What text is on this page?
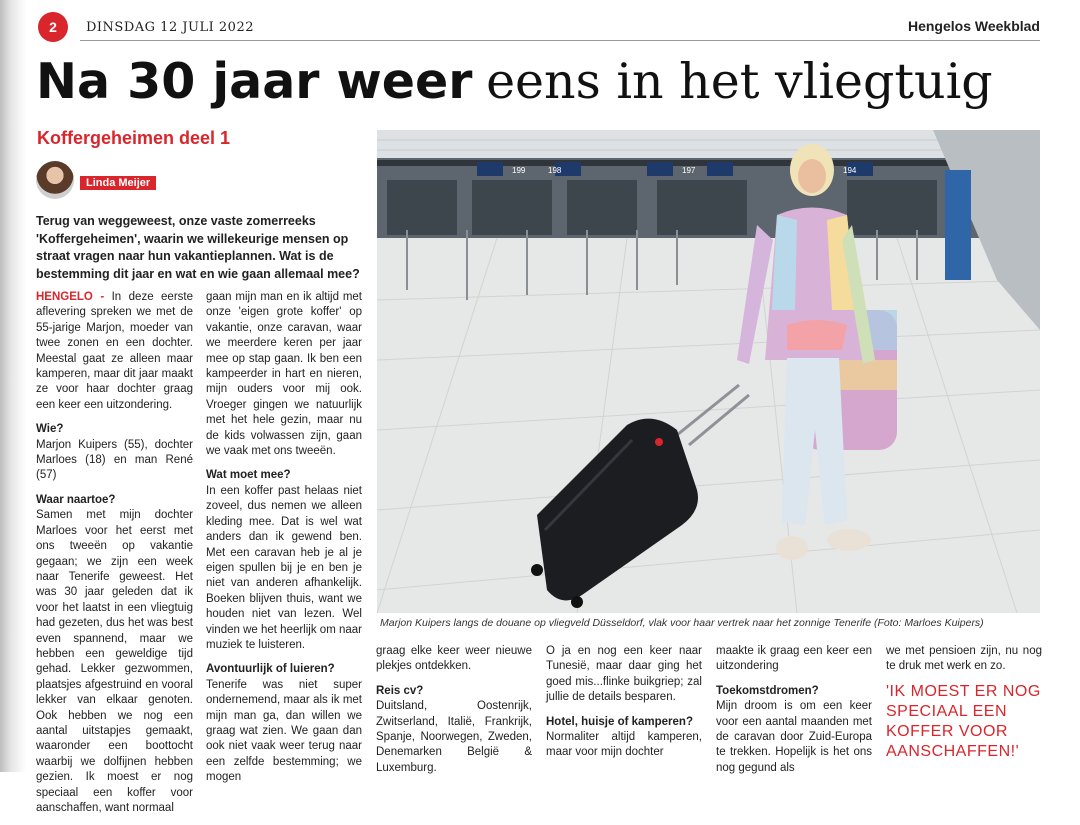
2	DINSDAG 12 JULI 2022	Hengelos Weekblad
Na 30 jaar weer eens in het vliegtuig
Koffergeheimen deel 1
Linda Meijer
Terug van weggeweest, onze vaste zomerreeks 'Koffergeheimen', waarin we willekeurige mensen op straat vragen naar hun vakantieplannen. Wat is de bestemming dit jaar en wat en wie gaan allemaal mee?

HENGELO - In deze eerste aflevering spreken we met de 55-jarige Marjon, moeder van twee zonen en een dochter. Meestal gaat ze alleen maar kamperen, maar dit jaar maakt ze voor haar dochter graag een keer een uitzondering.

Wie?

Marjon Kuipers (55), dochter Marloes (18) en man René (57)

Waar naartoe?

Samen met mijn dochter Marloes voor het eerst met ons tweeën op vakantie gegaan; we zijn een week naar Tenerife geweest. Het was 30 jaar geleden dat ik voor het laatst in een vliegtuig had gezeten, dus het was best even spannend, maar we hebben een geweldige tijd gehad. Lekker gezwommen, plaatsjes afgestruind en vooral lekker van elkaar genoten. Ook hebben we nog een aantal uitstapjes gemaakt, waaronder een boottocht waarbij we dolfijnen hebben gezien. Ik moest er nog speciaal een koffer voor aanschaffen, want normaal

gaan mijn man en ik altijd met onze 'eigen grote koffer' op vakantie, onze caravan, waar we meerdere keren per jaar mee op stap gaan. Ik ben een kampeerder in hart en nieren, mijn ouders voor mij ook. Vroeger gingen we natuurlijk met het hele gezin, maar nu de kids volwassen zijn, gaan we vaak met ons tweeën.

Wat moet mee?

In een koffer past helaas niet zoveel, dus nemen we alleen kleding mee. Dat is wel wat anders dan ik gewend ben. Met een caravan heb je al je eigen spullen bij je en ben je niet van anderen afhankelijk. Boeken blijven thuis, want we houden niet van lezen. Wel vinden we het heerlijk om naar muziek te luisteren.

Avontuurlijk of luieren?

Tenerife was niet super ondernemend, maar als ik met mijn man ga, dan willen we graag wat zien. We gaan dan ook niet vaak weer terug naar een zelfde bestemming; we mogen

199	198	197	194
Marjon Kuipers langs de douane op vliegveld Düsseldorf, vlak voor haar vertrek naar het zonnige Tenerife (Foto: Marloes Kuipers)

graag elke keer weer nieuwe plekjes ontdekken.

Reis cv?

Duitsland, Oostenrijk, Zwitserland, Italië, Frankrijk, Spanje, Noorwegen, Zweden, Denemarken België & Luxemburg.

O ja en nog een keer naar Tunesië, maar daar ging het goed mis...flinke buikgriep; zal jullie de details besparen.

Hotel, huisje of kamperen?

Normaliter altijd kamperen, maar voor mijn dochter

maakte ik graag een keer een uitzondering

Toekomstdromen?

Mijn droom is om een keer voor een aantal maanden met de caravan door Zuid-Europa te trekken. Hopelijk is het ons nog gegund als

we met pensioen zijn, nu nog te druk met werk en zo.

'IK MOEST ER NOG SPECIAAL EEN KOFFER VOOR AANSCHAFFEN!'
